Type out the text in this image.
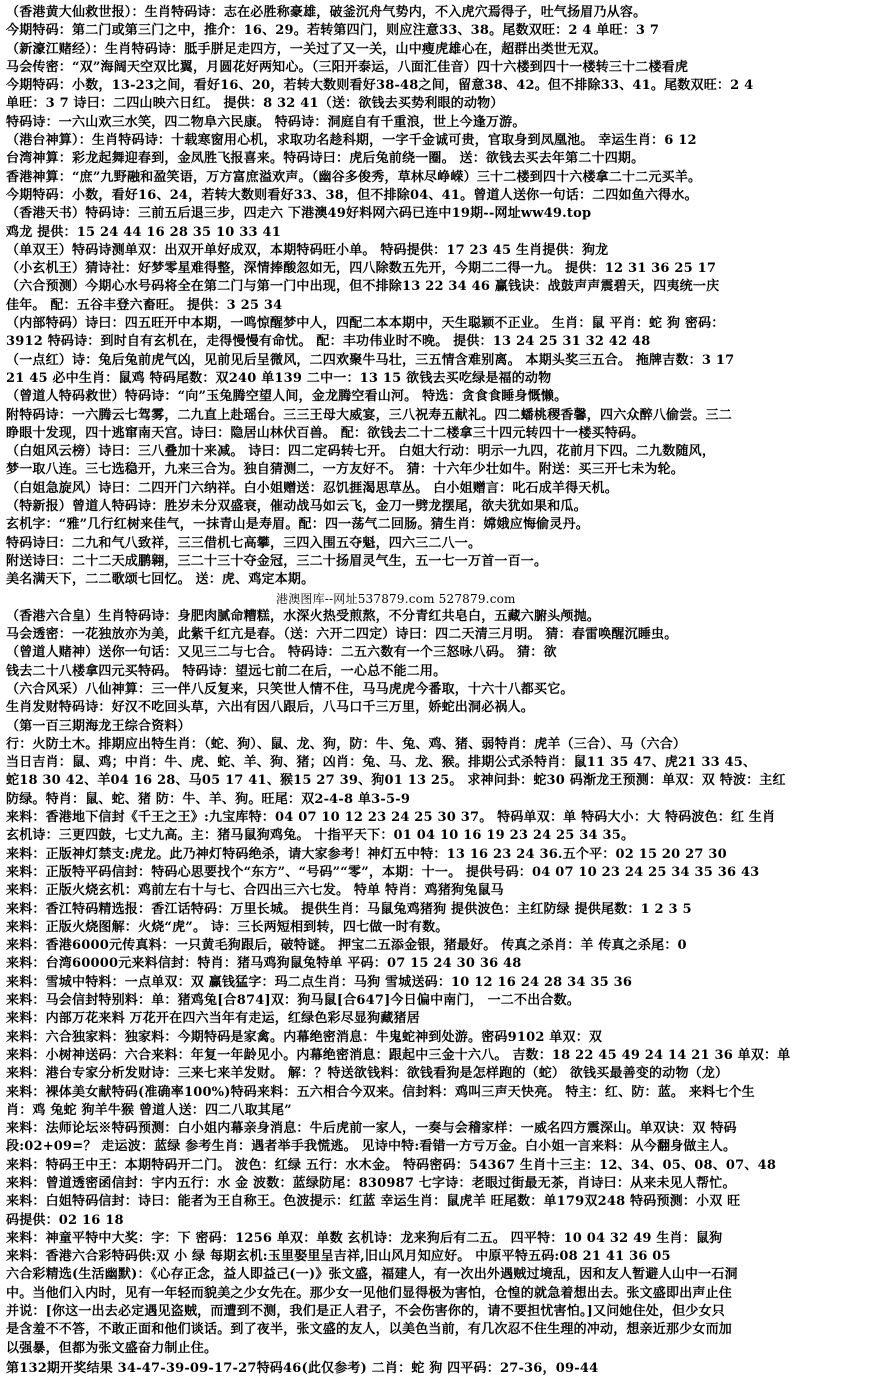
（香港黄大仙救世报）：生肖特码诗：志在必胜称豪雄，破釜沉舟气势内，不入虎穴焉得子，吐气扬眉乃从容。
今期特码：第二门或第三门之中，推介：16、29。若转第四门，则应注意33、38。尾数双旺：2 4 单旺：3 7
（新濠江赌经）：生肖特码诗：胝手胼足走四方，一关过了又一关，山中瘦虎雄心在，超群出类世无双。
马会传密：“双”海阔天空双比翼，月圆花好两知心。（三阳开泰运，八面汇佳音）四十六楼到四十一楼转三十二楼看虎
今期特码：小数，13-23之间，看好16、20，若转大数则看好38-48之间，留意38、42。但不排除33、41。尾数双旺：2 4
单旺：3 7 诗曰：二四山映六日红。 提供：8 32 41（送：欲钱去买势利眼的动物）
特码诗：一六山欢三水笑，四二物阜六民康。 特码诗：洞庭自有千重浪，世上今逢万游。
（港台神算）：生肖特码诗：十载寒窗用心机，求取功名趁科期，一字千金诚可贵，官取身到凤凰池。 幸运生肖：6 12
台湾神算：彩龙起舞迎春到，金凤胜飞报喜来。特码诗曰：虎后兔前绕一圈。 送：欲钱去买去年第二十四期。
香港神算：“庶”九野融和盈笑语，万方富庶溢欢声。（幽谷多俊秀，草林尽峥嵘）三十二楼到四十六楼拿二十二元买羊。
今期特码：小数，看好16、24，若转大数则看好33、38，但不排除04、41。曾道人送你一句话：二四如鱼六得水。
（香港天书）特码诗：三前五后退三步，四走六 下港澳49好料网六码已连中19期--网址ww49.top
鸡龙 提供：15 24 44 16 28 35 10 33 41
（单双王）特码诗测单双：出双开单好成双，本期特码旺小单。 特码提供：17 23 45 生肖提供：狗龙
（小玄机王）猜诗社：好梦零星难得整，深情捧酸忽如无，四八除数五先开，今期二二得一九。 提供：12 31 36 25 17
（六合预测）今期心水号码将全在第二门与第一门中出现，但不排除13 22 34 46 赢钱诀：战鼓声声震碧天，四夷统一庆
佳年。 配：五谷丰登六畜旺。 提供：3 25 34
（内部特码）诗曰：四五旺开中本期，一鸣惊醒梦中人，四配二本本期中，天生聪颖不正业。 生肖：鼠 平肖：蛇 狗 密码：
3912 特码诗：到时自有玄机在，走得慢慢有命忧。 配：丰功伟业时不晚。 提供：13 24 25 31 32 42 48
（一点红）诗：兔后兔前虎气凶，见前见后呈微风，二四欢聚牛马壮，三五情含难别离。 本期头奖三五合。 拖牌吉数：3 17
21 45 必中生肖：鼠鸡 特码尾数：双240 单139 二中一：13 15 欲钱去买吃绿是福的动物
（曾道人特码救世）特码诗：“向”玉兔腾空望人间，金龙腾空看山河。 特选：贪食食睡身慨懒。
附特码诗：一六腾云七驾雾，二九直上赴瑶台。三三王母大威宴，三八祝寿五献礼。四二蟠桃稷香馨，四六众醉八偷尝。三二
睁眼十发现，四十逃窜南天宫。诗曰：隐居山林伏百兽。 配：欲钱去二十二楼拿三十四元转四十一楼买特码。
（白姐风云榜）诗曰：三八叠加十来减。 诗曰：四二定码转七开。 白姐大行动：明示一九四，花前月下四。二九数随风，
梦一取八连。三七选稳开，九来三合为。独自猜测二，一方友好不。 猜：十六年少壮如牛。附送：买三开七未为轮。
（白姐急旋风）诗曰：二四开门六纳祥。白小姐赠送：忍饥捱渴思草丛。 白小姐赠言：叱石成羊得天机。
（特新报）曾道人特码诗：胜岁未分双盛衰，催动战马如云飞，金刀一劈龙摆尾，欲夫犹如果和瓜。
玄机字：“雅”几行红树来佳气，一抹青山是寿眉。配：四一荡气二回肠。猜生肖：嫦娥应悔偷灵丹。
特码诗曰：二九和气八致祥，三三借机七高攀，三四入围五夺魁，四六三二八一。
附送诗曰：二十二天成鹏翱，三二十三十夺金冠，三二十扬眉灵气生，五一七一万首一百一。
美名满天下，二二歌颂七回忆。 送：虎、鸡定本期。
港澳图库--网址537879.com 527879.com
（香港六合皇）生肖特码诗：身肥肉腻命糟糕，水深火热受煎熬，不分青红共皂白，五藏六腑头颅抛。
马会透密：一花独放亦为美，此紫千红亢是春。（送：六开二四定）诗曰：四二天清三月明。 猜：春雷唤醒沉睡虫。
（曾道人赌神）送你一句话：又见三二与七合。 特码诗：二五六数有一个三怒咏八码。 猜：欲
钱去二十八楼拿四元买特码。 特码诗：望远七前二在后，一心总不能二用。
（六合风采）八仙神算：三一伴八反复来，只笑世人情不住，马马虎虎今番取，十六十八都买它。
生肖发财特码诗：好汉不吃回头草，六出有因八跟后，八马口千三万里，娇蛇出洞必祸人。
（第一百三期海龙王综合资料）
行：火防土木。排期应出特生肖：（蛇、狗）、鼠、龙、狗，防：牛、兔、鸡、猪、弱特肖：虎羊（三合）、马（六合）
当日吉肖：鼠、鸡；中肖：牛、虎、蛇、羊、狗、猪；凶肖：兔、马、龙、猴。排期公式杀特肖：鼠11 35 47、虎21 33 45、
蛇18 30 42、羊04 16 28、马05 17 41、猴15 27 39、狗01 13 25。 求神问卦：蛇30 码渐龙王预测：单双：双 特波：主红
防绿。特肖：鼠、蛇、猪 防：牛、羊、狗。旺尾：双2-4-8 单3-5-9
来料：香港地下信封《千王之王》:九宝库特：04 07 10 12 23 24 25 30 37。 特码单双：单 特码大小：大 特码波色：红 生肖
玄机诗：三更四鼓，七丈九高。主：猪马鼠狗鸡兔。 十指平天下：01 04 10 16 19 23 24 25 34 35。
来料：正版神灯禁支:虎龙。此乃神灯特码绝杀，请大家参考！神灯五中特：13 16 23 24 36.五个平：02 15 20 27 30
来料：正版特平码信封：特码心思要找个“东方”、“号码”“零”，本期：十一。 提供号码：04 07 10 23 24 25 34 35 36 43
来料：正版火烧玄机：鸡前左右十与七、合四出三六七发。 特单 特肖：鸡猪狗兔鼠马
来料：香江特码精选报：香江话特码：万里长城。 提供生肖：马鼠兔鸡猪狗 提供波色：主红防绿 提供尾数：1 2 3 5
来料：正版火烧图解：火烧“虎”。 诗：三长两短相到转，四七做一时有数。
来料：香港6000元传真料：一只黄毛狗跟后，破特谜。 押宝二五添金银，猪最好。 传真之杀肖：羊 传真之杀尾：0
来料：台湾60000元来料信封：特肖：猪马鸡狗鼠兔特单 平码：07 15 24 30 36 48
来料：雪城中特料：一点单双：双 赢钱猛字：玛二点生肖：马狗 雪城送码：10 12 16 24 28 34 35 36
来料：马会信封特别料：单：猪鸡兔[合874]双：狗马鼠[合647]今日偏中南门， 一二不出合数。
来料：内部万花来料 万花开在四六当年有走运，红绿色彩尽显狗藏猪居
来料：六合独家料：独家料：今期特码是家禽。内幕绝密消息：牛鬼蛇神到处游。密码9102 单双：双
来料：小树神送码：六合来料：年复一年龄见小。内幕绝密消息：跟起中三金十六八。 吉数：18 22 45 49 24 14 21 36 单双：单
来料：港台专家分析发财诗：三来七来羊发财。 解：？特送欲钱料：欲钱看狗是怎样跑的（蛇） 欲钱买最善变的动物（龙）
来料：裸体美女献特码(准确率100%)特码来料：五六相合今双来。信封料：鸡叫三声天快亮。 特主：红、防：蓝。 来料七个生
肖：鸡 兔蛇 狗羊牛猴 曾道人送：四二八取其尾”
来料：法师论坛※特码预测：白小姐内幕亲身消息：牛后虎前一家人，一奏与会稽家样：一威名四方震深山。单双诀：双 特码
段:02+09=？ 走运波：蓝绿 参考生肖：遇者举手我慌逃。 见诗中特:看错一方亏万金。白小姐一言来料：从今翻身做主人。
来料：特码王中王：本期特码开二门。 波色：红绿 五行：水木金。 特码密码：54367 生肖十三主：12、34、05、08、07、48
来料：曾道透密函信封：宇内五行：水 金 波数：蓝绿防尾：830987 七字诗：老眼过街最无茶，肖诗曰：从来未见人帮忙。
来料：白姐特码信封：诗曰：能者为王自称王。色波提示：红蓝 幸运生肖：鼠虎羊 旺尾数：单179双248 特码预测：小双 旺
码提供：02 16 18
来料：神童平特中大奖：字：下 密码：1256 单双：单数 玄机诗：龙来狗后有二五。 四平特：10 04 32 49 生肖：鼠狗
来料：香港六合彩特码供:双 小 绿 每期玄机:玉里娶里呈吉祥,旧山风月知应好。 中原平特五码:08 21 41 36 05
六合彩精选(生活幽默)：《心存正念，益人即益己(一)》张文盛，福建人，有一次出外遇贼过境乱，因和友人暂避人山中一石洞
中。当他们入内时，见有一年轻而貌美之少女先在。那少女一见他们显得极为害怕，仓惶的就急着想出去。张文盛即出声止住
并说：[你这一出去必定遇见盗贼，而遭到不测，我们是正人君子，不会伤害你的，请不要担忧害怕。]又问她住处，但少女只
是含羞不不答，不敢正面和他们谈话。到了夜半，张文盛的友人，以美色当前，有几次忍不住生理的冲动，想亲近那少女而加
以强暴，但都为张文盛奋力制止住。
第132期开奖结果 34-47-39-09-17-27特码46(此仅参考) 二肖：蛇 狗 四平码：27-36，09-44
